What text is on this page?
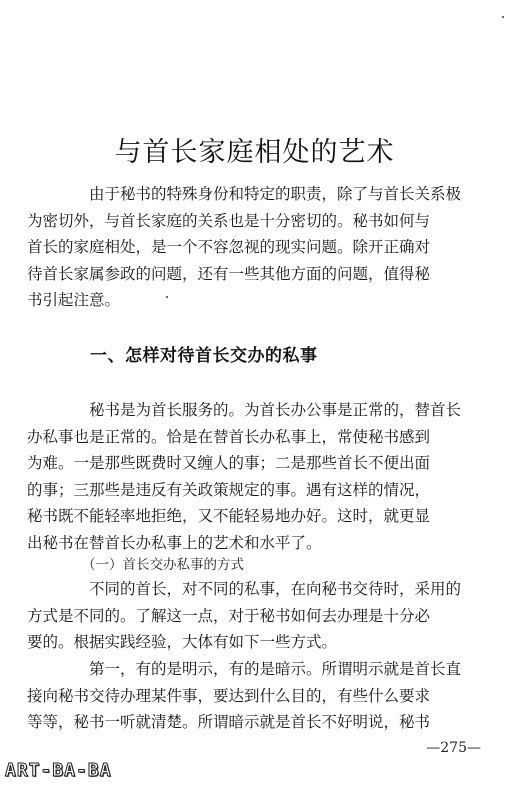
与首长家庭相处的艺术
由于秘书的特殊身份和特定的职责，除了与首长关系极
为密切外，与首长家庭的关系也是十分密切的。秘书如何与
首长的家庭相处，是一个不容忽视的现实问题。除开正确对
待首长家属参政的问题，还有一些其他方面的问题，值得秘
书引起注意。
一、怎样对待首长交办的私事
秘书是为首长服务的。为首长办公事是正常的，替首长
办私事也是正常的。恰是在替首长办私事上，常使秘书感到
为难。一是那些既费时又缠人的事；二是那些首长不便出面
的事；三那些是违反有关政策规定的事。遇有这样的情况，
秘书既不能轻率地拒绝，又不能轻易地办好。这时，就更显
出秘书在替首长办私事上的艺术和水平了。

（一）首长交办私事的方式

不同的首长，对不同的私事，在向秘书交待时，采用的
方式是不同的。了解这一点，对于秘书如何去办理是十分必
要的。根据实践经验，大体有如下一些方式。
第一，有的是明示，有的是暗示。所谓明示就是首长直
接向秘书交待办理某件事，要达到什么目的，有些什么要求
等等，秘书一听就清楚。所谓暗示就是首长不好明说，秘书
—275—
ART-BA-BA
